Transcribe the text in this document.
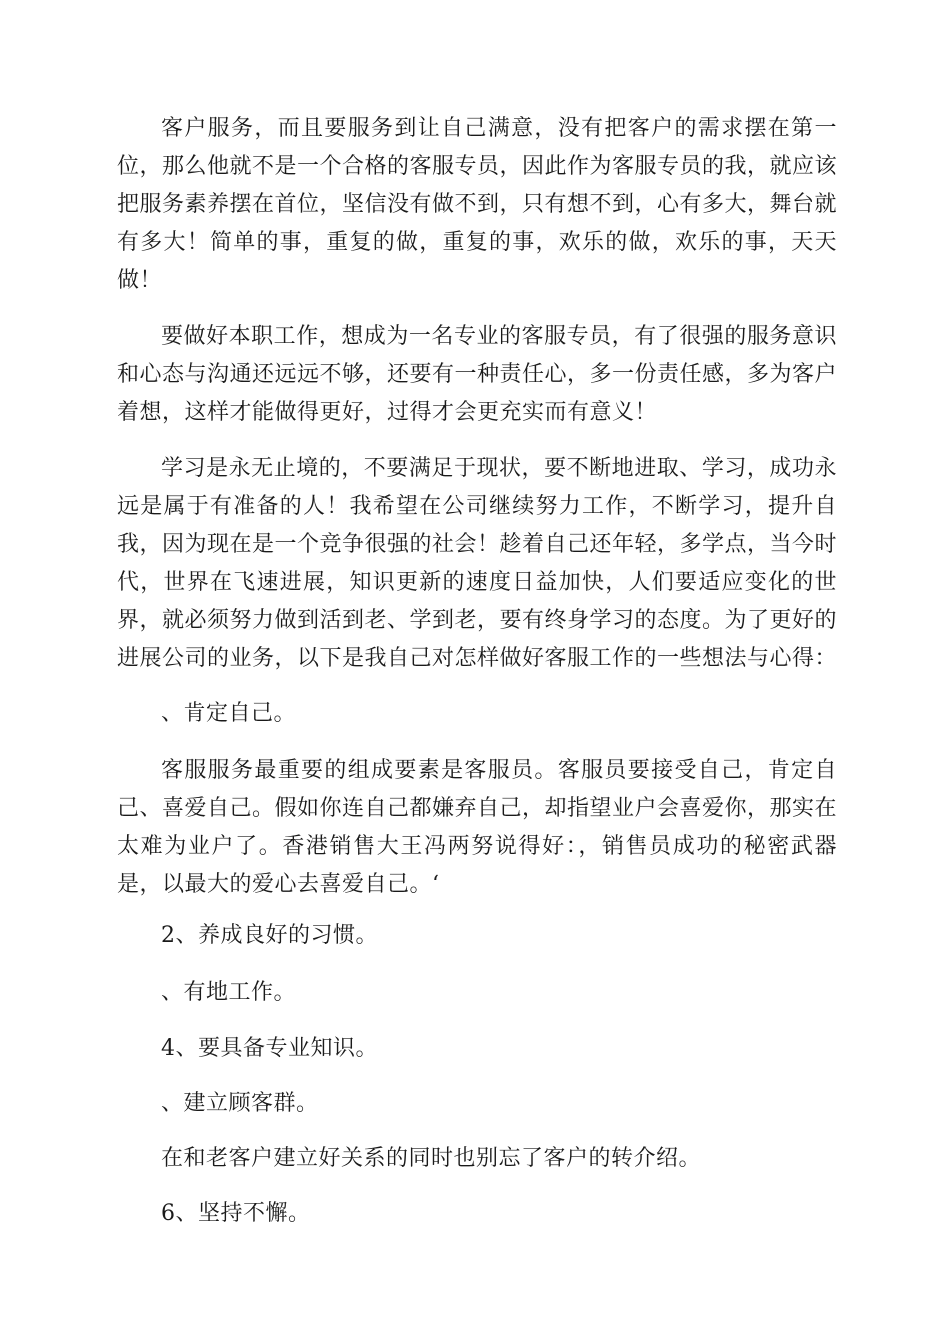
客户服务，而且要服务到让自己满意，没有把客户的需求摆在第一位，那么他就不是一个合格的客服专员，因此作为客服专员的我，就应该把服务素养摆在首位，坚信没有做不到，只有想不到，心有多大，舞台就有多大！简单的事，重复的做，重复的事，欢乐的做，欢乐的事，天天做！

要做好本职工作，想成为一名专业的客服专员，有了很强的服务意识和心态与沟通还远远不够，还要有一种责任心，多一份责任感，多为客户着想，这样才能做得更好，过得才会更充实而有意义！

学习是永无止境的，不要满足于现状，要不断地进取、学习，成功永远是属于有准备的人！我希望在公司继续努力工作，不断学习，提升自我，因为现在是一个竞争很强的社会！趁着自己还年轻，多学点，当今时代，世界在飞速进展，知识更新的速度日益加快，人们要适应变化的世界，就必须努力做到活到老、学到老，要有终身学习的态度。为了更好的进展公司的业务，以下是我自己对怎样做好客服工作的一些想法与心得：

、肯定自己。

客服服务最重要的组成要素是客服员。客服员要接受自己，肯定自己、喜爱自己。假如你连自己都嫌弃自己，却指望业户会喜爱你，那实在太难为业户了。香港销售大王冯两努说得好：，销售员成功的秘密武器是，以最大的爱心去喜爱自己。‘

2、养成良好的习惯。

、有地工作。

4、要具备专业知识。

、建立顾客群。

在和老客户建立好关系的同时也别忘了客户的转介绍。

6、坚持不懈。
